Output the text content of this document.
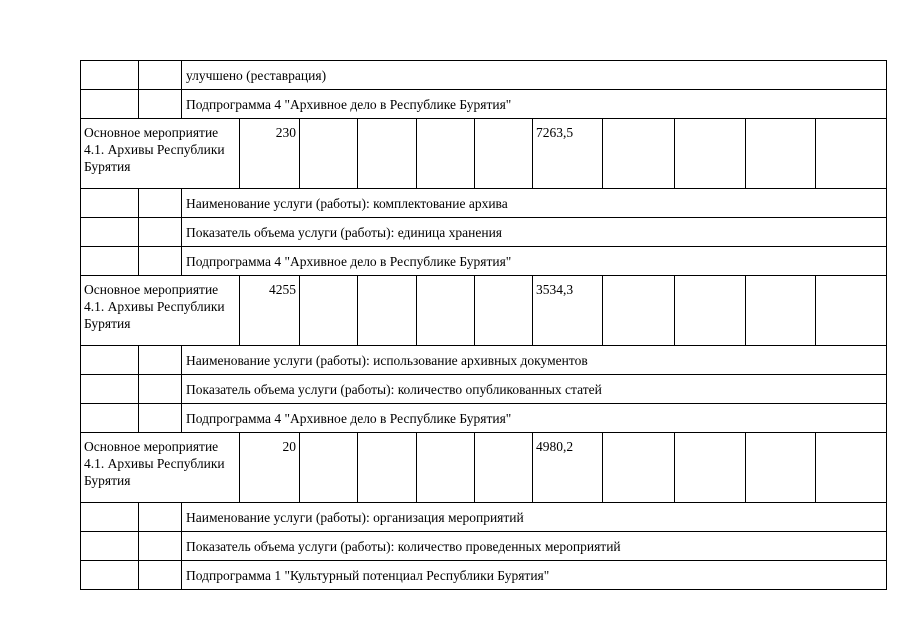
		улучшено (реставрация)										
		Подпрограмма 4 "Архивное дело в Республике Бурятия"										
Основное мероприятие 4.1. Архивы Республики Бурятия			230					7263,5				
		Наименование услуги (работы): комплектование архива										
		Показатель объема услуги (работы): единица хранения										
		Подпрограмма 4 "Архивное дело в Республике Бурятия"										
Основное мероприятие 4.1. Архивы Республики Бурятия			4255					3534,3				
		Наименование услуги (работы): использование архивных документов										
		Показатель объема услуги (работы): количество опубликованных статей										
		Подпрограмма 4 "Архивное дело в Республике Бурятия"										
Основное мероприятие 4.1. Архивы Республики Бурятия			20					4980,2				
		Наименование услуги (работы): организация мероприятий										
		Показатель объема услуги (работы): количество проведенных мероприятий										
		Подпрограмма 1 "Культурный потенциал Республики Бурятия"										
